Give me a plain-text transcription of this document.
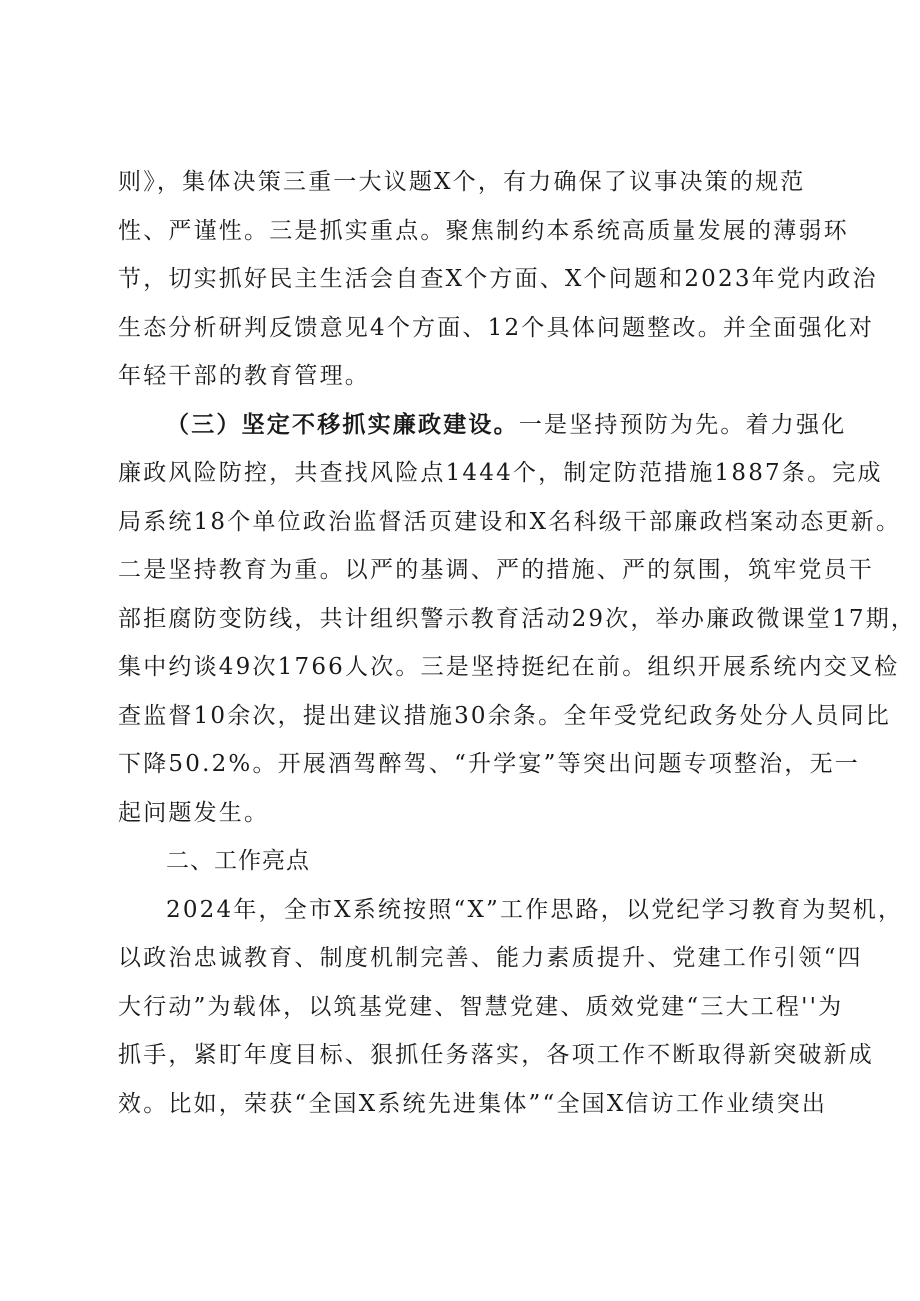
则》，集体决策三重一大议题X个，有力确保了议事决策的规范
性、严谨性。三是抓实重点。聚焦制约本系统高质量发展的薄弱环
节，切实抓好民主生活会自查X个方面、X个问题和2023年党内政治
生态分析研判反馈意见4个方面、12个具体问题整改。并全面强化对
年轻干部的教育管理。
（三）坚定不移抓实廉政建设。一是坚持预防为先。着力强化
廉政风险防控，共查找风险点1444个，制定防范措施1887条。完成
局系统18个单位政治监督活页建设和X名科级干部廉政档案动态更新。
二是坚持教育为重。以严的基调、严的措施、严的氛围，筑牢党员干
部拒腐防变防线，共计组织警示教育活动29次，举办廉政微课堂17期，
集中约谈49次1766人次。三是坚持挺纪在前。组织开展系统内交叉检
查监督10余次，提出建议措施30余条。全年受党纪政务处分人员同比
下降50.2%。开展酒驾醉驾、“升学宴”等突出问题专项整治，无一
起问题发生。
二、工作亮点
2024年，全市X系统按照“X”工作思路，以党纪学习教育为契机，
以政治忠诚教育、制度机制完善、能力素质提升、党建工作引领“四
大行动”为载体，以筑基党建、智慧党建、质效党建“三大工程''为
抓手，紧盯年度目标、狠抓任务落实，各项工作不断取得新突破新成
效。比如，荣获“全国X系统先进集体”“全国X信访工作业绩突出
